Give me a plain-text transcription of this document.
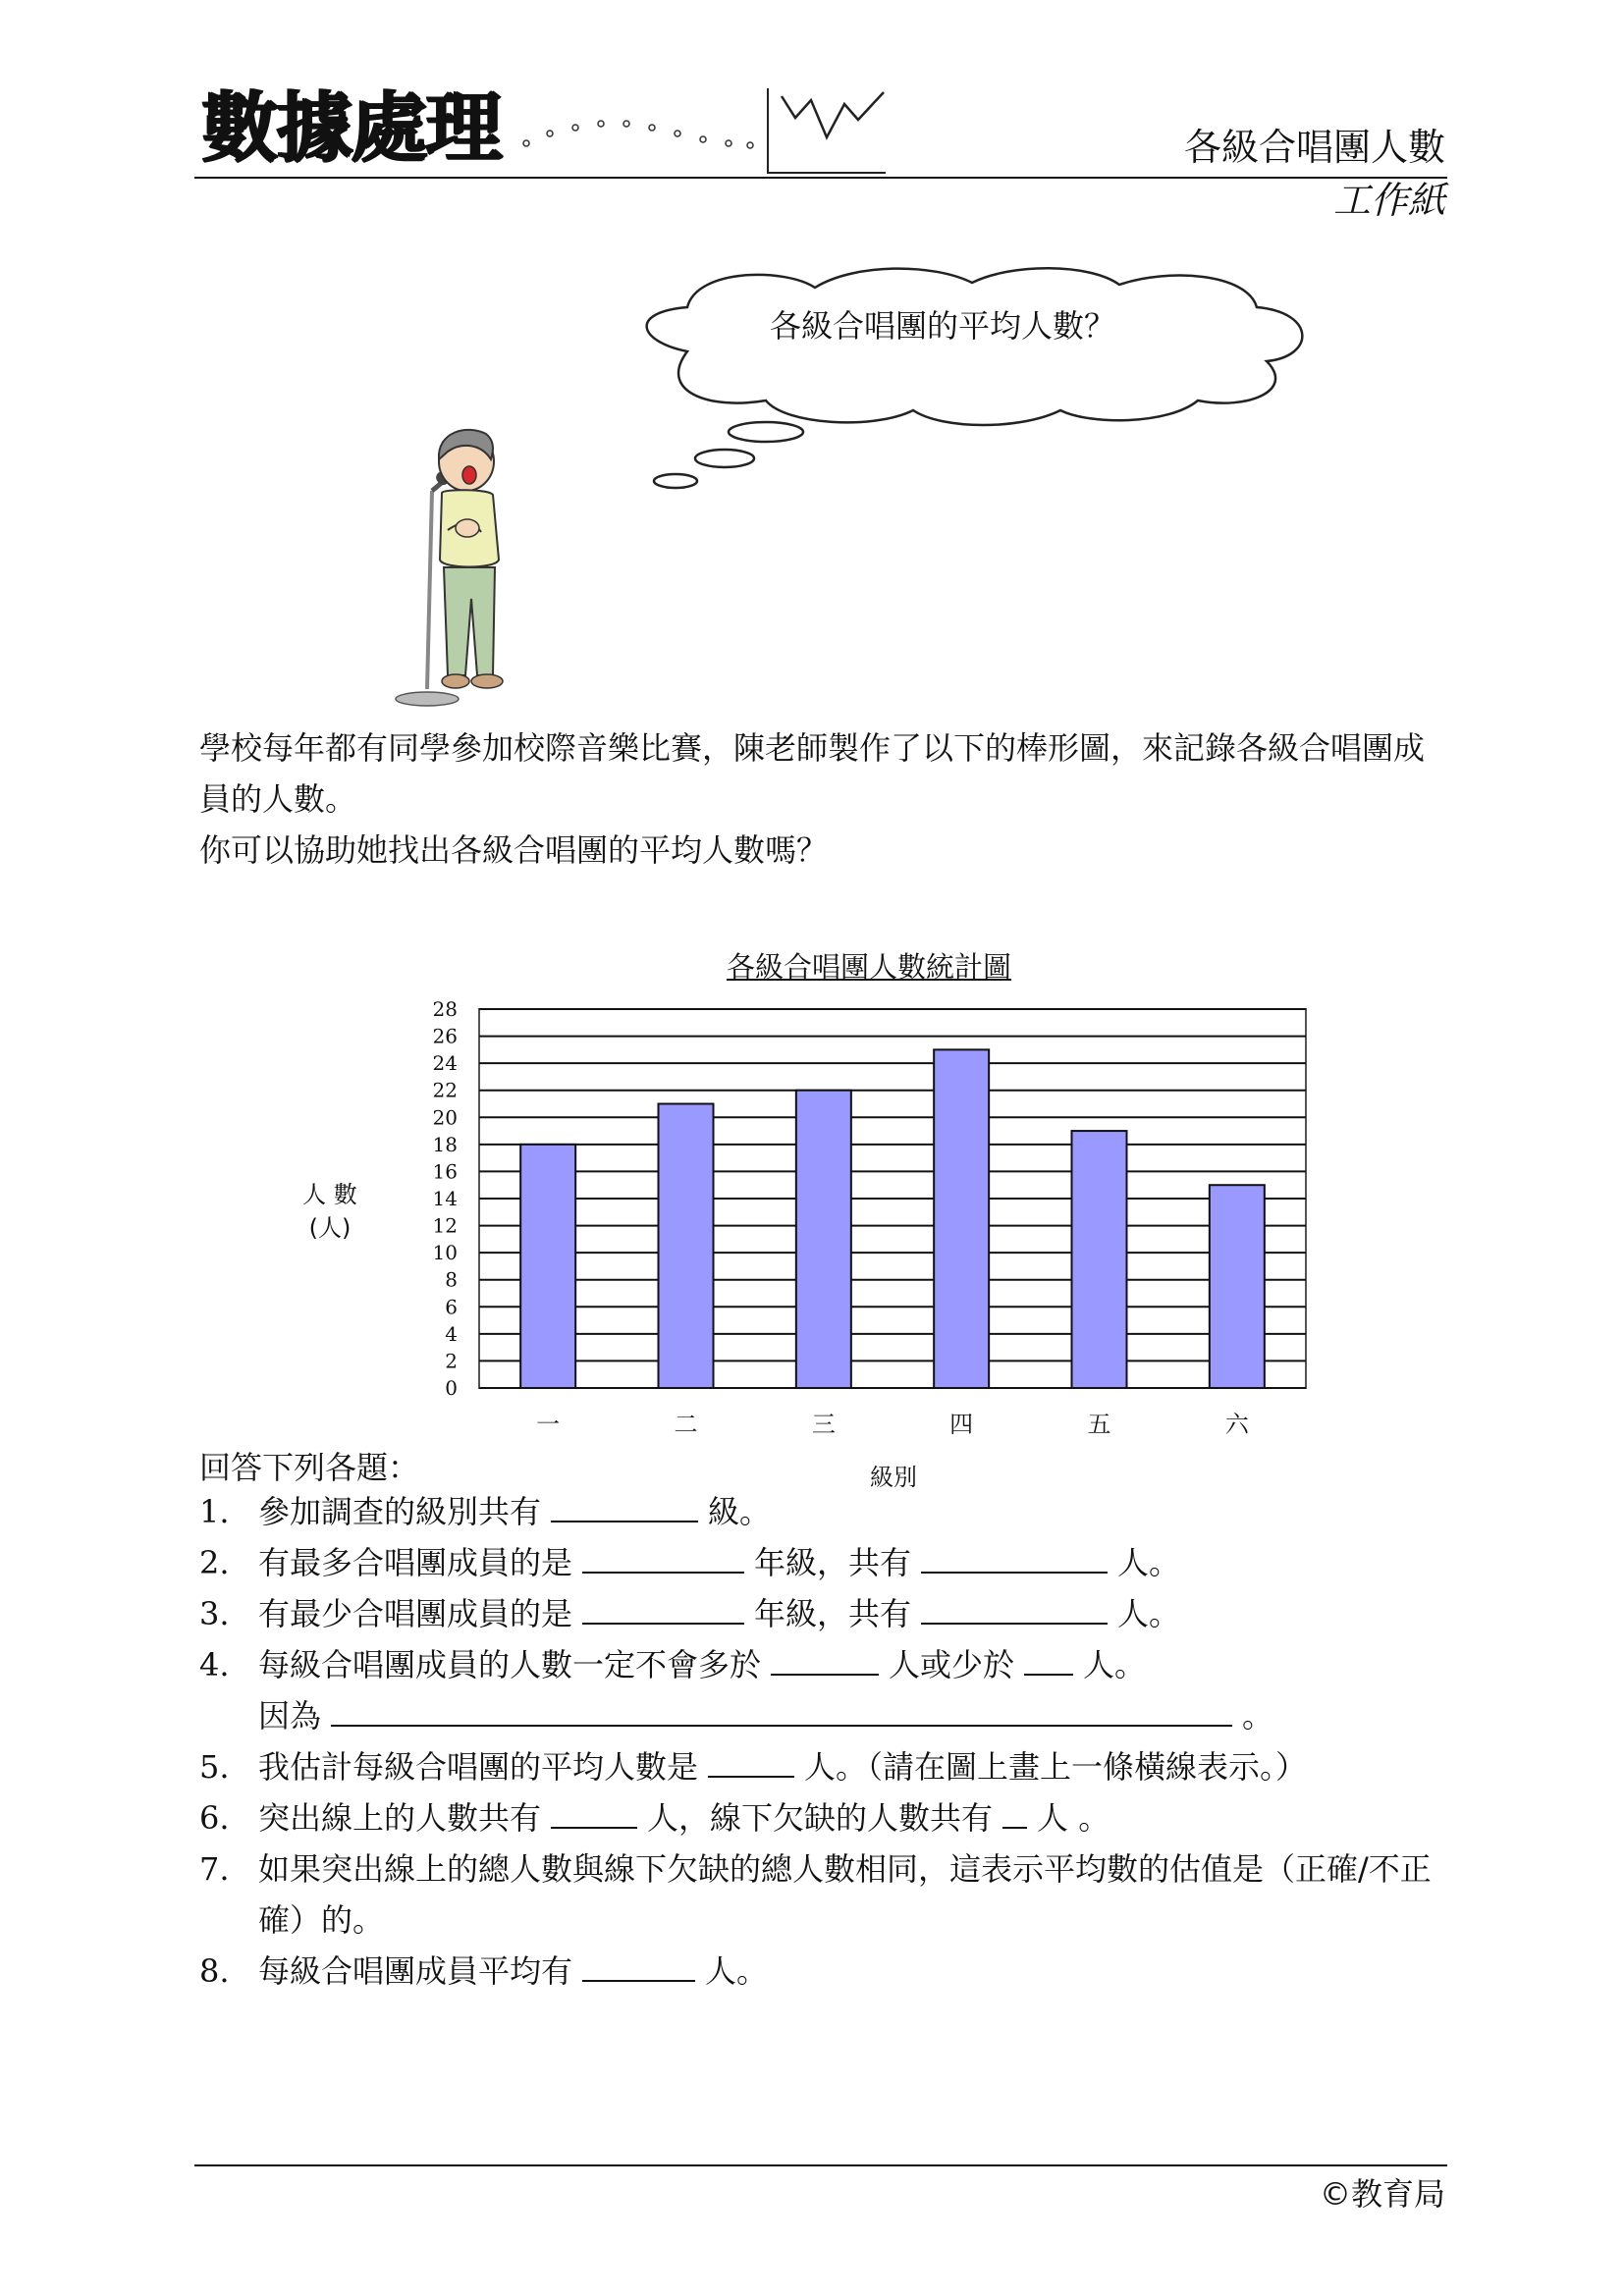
數據處理	各級合唱團人數
工作紙
各級合唱團的平均人數？

學校每年都有同學參加校際音樂比賽，陳老師製作了以下的棒形圖，來記錄各級合唱團成員的人數。

你可以協助她找出各級合唱團的平均人數嗎？

各級合唱團人數統計圖
0
2
4
6
8
10
12
14
16
18
20
22
24
26
28
一	二	三	四	五	六
人 數
(人)
級別
回答下列各題：
1. 參加調查的級別共有	級。
2. 有最多合唱團成員的是	年級，共有	人。
3. 有最少合唱團成員的是	年級，共有	人。
4. 每級合唱團成員的人數一定不會多於	人或少於 人。
因為	。
5. 我估計每級合唱團的平均人數是	人。（請在圖上畫上一條橫線表示。）
6. 突出線上的人數共有	人，線下欠缺的人數共有 人 。
7. 如果突出線上的總人數與線下欠缺的總人數相同，這表示平均數的估值是（正確/不正確）的。
8. 每級合唱團成員平均有	人。
©教育局
